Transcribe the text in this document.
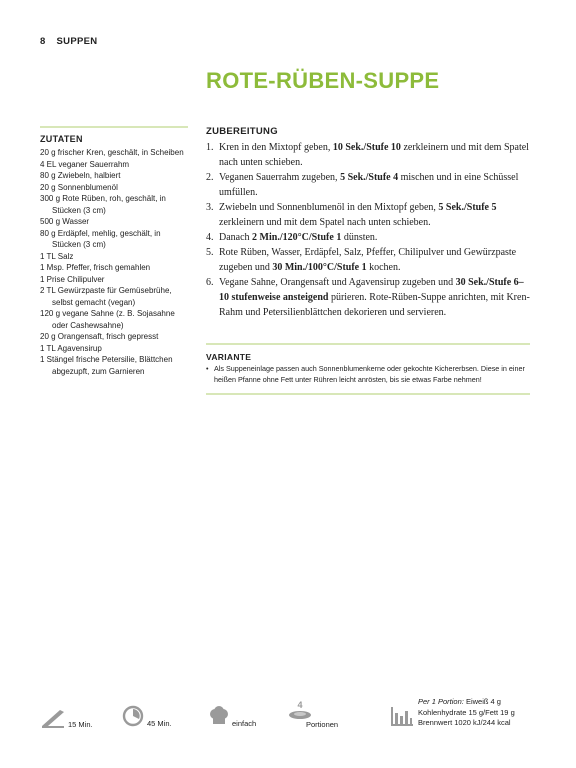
8 SUPPEN
ROTE-RÜBEN-SUPPE
ZUTATEN
20 g frischer Kren, geschält, in Scheiben
4 EL veganer Sauerrahm
80 g Zwiebeln, halbiert
20 g Sonnenblumenöl
300 g Rote Rüben, roh, geschält, in Stücken (3 cm)
500 g Wasser
80 g Erdäpfel, mehlig, geschält, in Stücken (3 cm)
1 TL Salz
1 Msp. Pfeffer, frisch gemahlen
1 Prise Chilipulver
2 TL Gewürzpaste für Gemüsebrühe, selbst gemacht (vegan)
120 g vegane Sahne (z. B. Sojasahne oder Cashewsahne)
20 g Orangensaft, frisch gepresst
1 TL Agavensirup
1 Stängel frische Petersilie, Blättchen abgezupft, zum Garnieren
ZUBEREITUNG
1. Kren in den Mixtopf geben, 10 Sek./Stufe 10 zerkleinern und mit dem Spatel nach unten schieben.
2. Veganen Sauerrahm zugeben, 5 Sek./Stufe 4 mischen und in eine Schüssel umfüllen.
3. Zwiebeln und Sonnenblumenöl in den Mixtopf geben, 5 Sek./Stufe 5 zerkleinern und mit dem Spatel nach unten schieben.
4. Danach 2 Min./120°C/Stufe 1 dünsten.
5. Rote Rüben, Wasser, Erdäpfel, Salz, Pfeffer, Chilipulver und Gewürzpaste zugeben und 30 Min./100°C/Stufe 1 kochen.
6. Vegane Sahne, Orangensaft und Agavensirup zugeben und 30 Sek./Stufe 6–10 stufenweise ansteigend pürieren. Rote-Rüben-Suppe anrichten, mit Kren-Rahm und Petersilienblättchen dekorieren und servieren.
VARIANTE

• Als Suppeneinlage passen auch Sonnenblumenkerne oder gekochte Kichererbsen. Diese in einer heißen Pfanne ohne Fett unter Rühren leicht anrösten, bis sie etwas Farbe nehmen!

15 Min.	45 Min.	einfach
4
Portionen
Per 1 Portion: Eiweiß 4 g
Kohlenhydrate 15 g/Fett 19 g
Brennwert 1020 kJ/244 kcal
